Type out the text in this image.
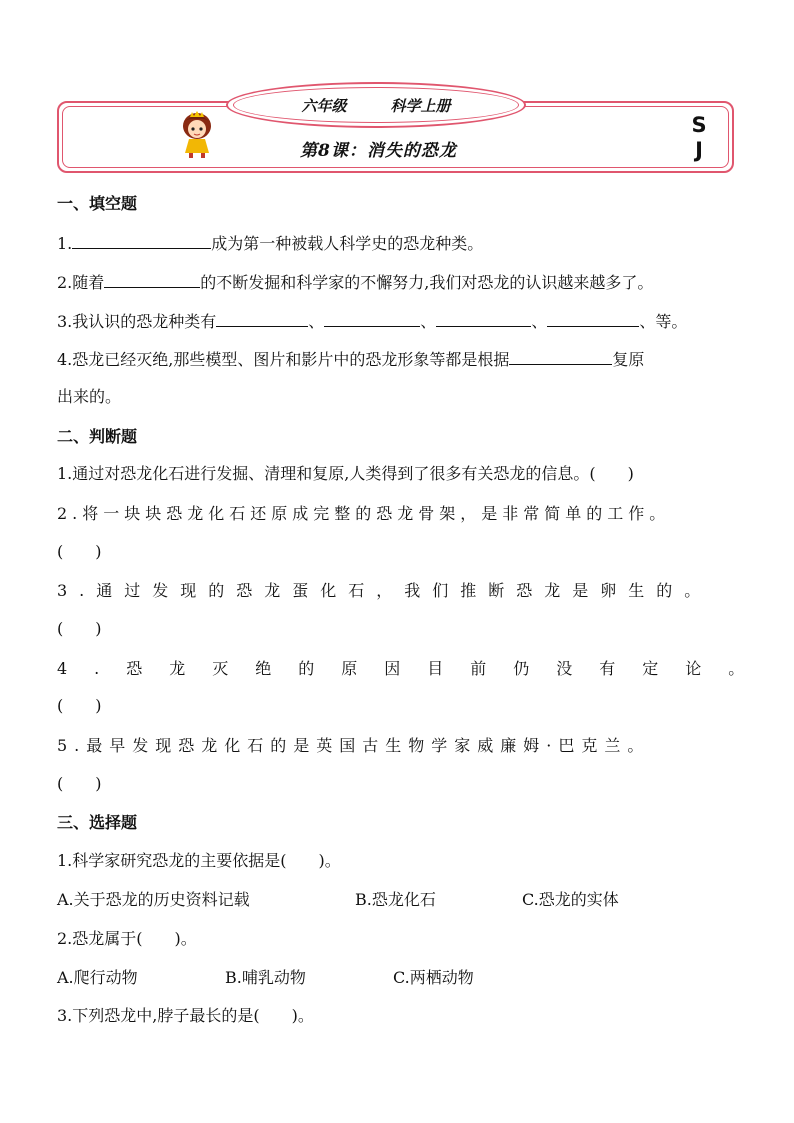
六年级	科学上册
第8课：消失的恐龙
S
J
一、填空题
1.	成为第一种被载人科学史的恐龙种类。
2.随着	的不断发掘和科学家的不懈努力,我们对恐龙的认识越来越多了。
3.我认识的恐龙种类有	、	、	、	、等。
4.恐龙已经灭绝,那些模型、图片和影片中的恐龙形象等都是根据	复原
出来的。
二、判断题
1.通过对恐龙化石进行发掘、清理和复原,人类得到了很多有关恐龙的信息。(　　)
2.将一块块恐龙化石还原成完整的恐龙骨架，是非常简单的工作。
(　　)
3.通过发现的恐龙蛋化石，我们推断恐龙是卵生的。
(　　)
4.恐龙灭绝的原因目前仍没有定论。
(　　)
5.最早发现恐龙化石的是英国古生物学家威廉姆·巴克兰。
(　　)
三、选择题
1.科学家研究恐龙的主要依据是(　　)。
A.关于恐龙的历史资料记载	B.恐龙化石	C.恐龙的实体
2.恐龙属于(　　)。
A.爬行动物	B.哺乳动物	C.两栖动物
3.下列恐龙中,脖子最长的是(　　)。
